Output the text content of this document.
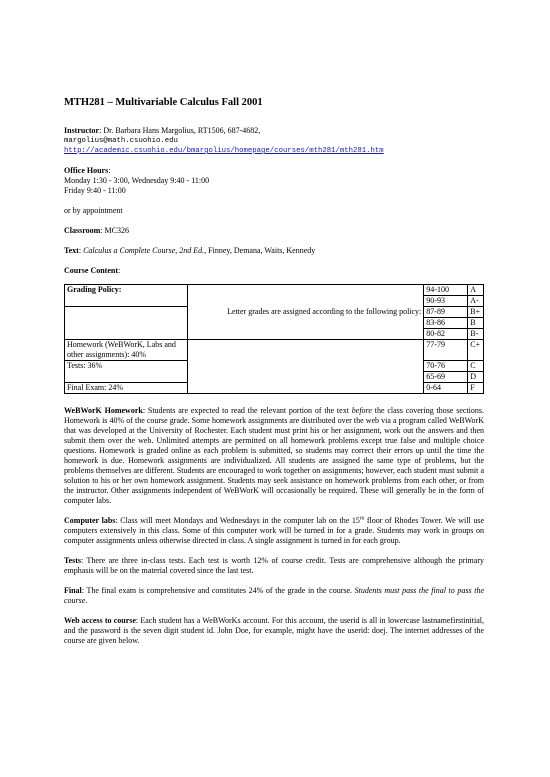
MTH281 – Multivariable Calculus Fall 2001

Instructor: Dr. Barbara Hans Margolius, RT1506, 687-4682,

margolius@math.csuohio.edu

http://academic.csuohio.edu/bmargolius/homepage/courses/mth281/mth281.htm

Office Hours:

Monday 1:30 - 3:00, Wednesday 9:40 - 11:00

Friday 9:40 - 11:00

or by appointment

Classroom: MC326

Text: Calculus a Complete Course, 2nd Ed., Finney, Demana, Waits, Kennedy

Course Content:

Grading Policy:	Letter grades are assigned according to the following policy:	94-100	A
		90-93	A-
		87-89	B+
		83-86	B
		80-82	B-
Homework (WeBWorK, Labs and other assignments): 40%		77-79	C+
Tests: 36%		70-76	C
		65-69	D
Final Exam: 24%		0-64	F

WeBWorK Homework: Students are expected to read the relevant portion of the text before the class covering those sections. Homework is 40% of the course grade. Some homework assignments are distributed over the web via a program called WeBWorK that was developed at the University of Rochester. Each student must print his or her assignment, work out the answers and then submit them over the web. Unlimited attempts are permitted on all homework problems except true false and multiple choice questions. Homework is graded online as each problem is submitted, so students may correct their errors up until the time the homework is due. Homework assignments are individualized. All students are assigned the same type of problems, but the problems themselves are different. Students are encouraged to work together on assignments; however, each student must submit a solution to his or her own homework assignment. Students may seek assistance on homework problems from each other, or from the instructor. Other assignments independent of WeBWorK will occasionally be required. These will generally be in the form of computer labs.

Computer labs: Class will meet Mondays and Wednesdays in the computer lab on the 15th floor of Rhodes Tower. We will use computers extensively in this class. Some of this computer work will be turned in for a grade. Students may work in groups on computer assignments unless otherwise directed in class. A single assignment is turned in for each group.

Tests: There are three in-class tests. Each test is worth 12% of course credit. Tests are comprehensive although the primary emphasis will be on the material covered since the last test.

Final: The final exam is comprehensive and constitutes 24% of the grade in the course. Students must pass the final to pass the course.

Web access to course: Each student has a WeBWorKs account. For this account, the userid is all in lowercase lastnamefirstinitial, and the password is the seven digit student id. John Doe, for example, might have the userid: doej. The internet addresses of the course are given below.
